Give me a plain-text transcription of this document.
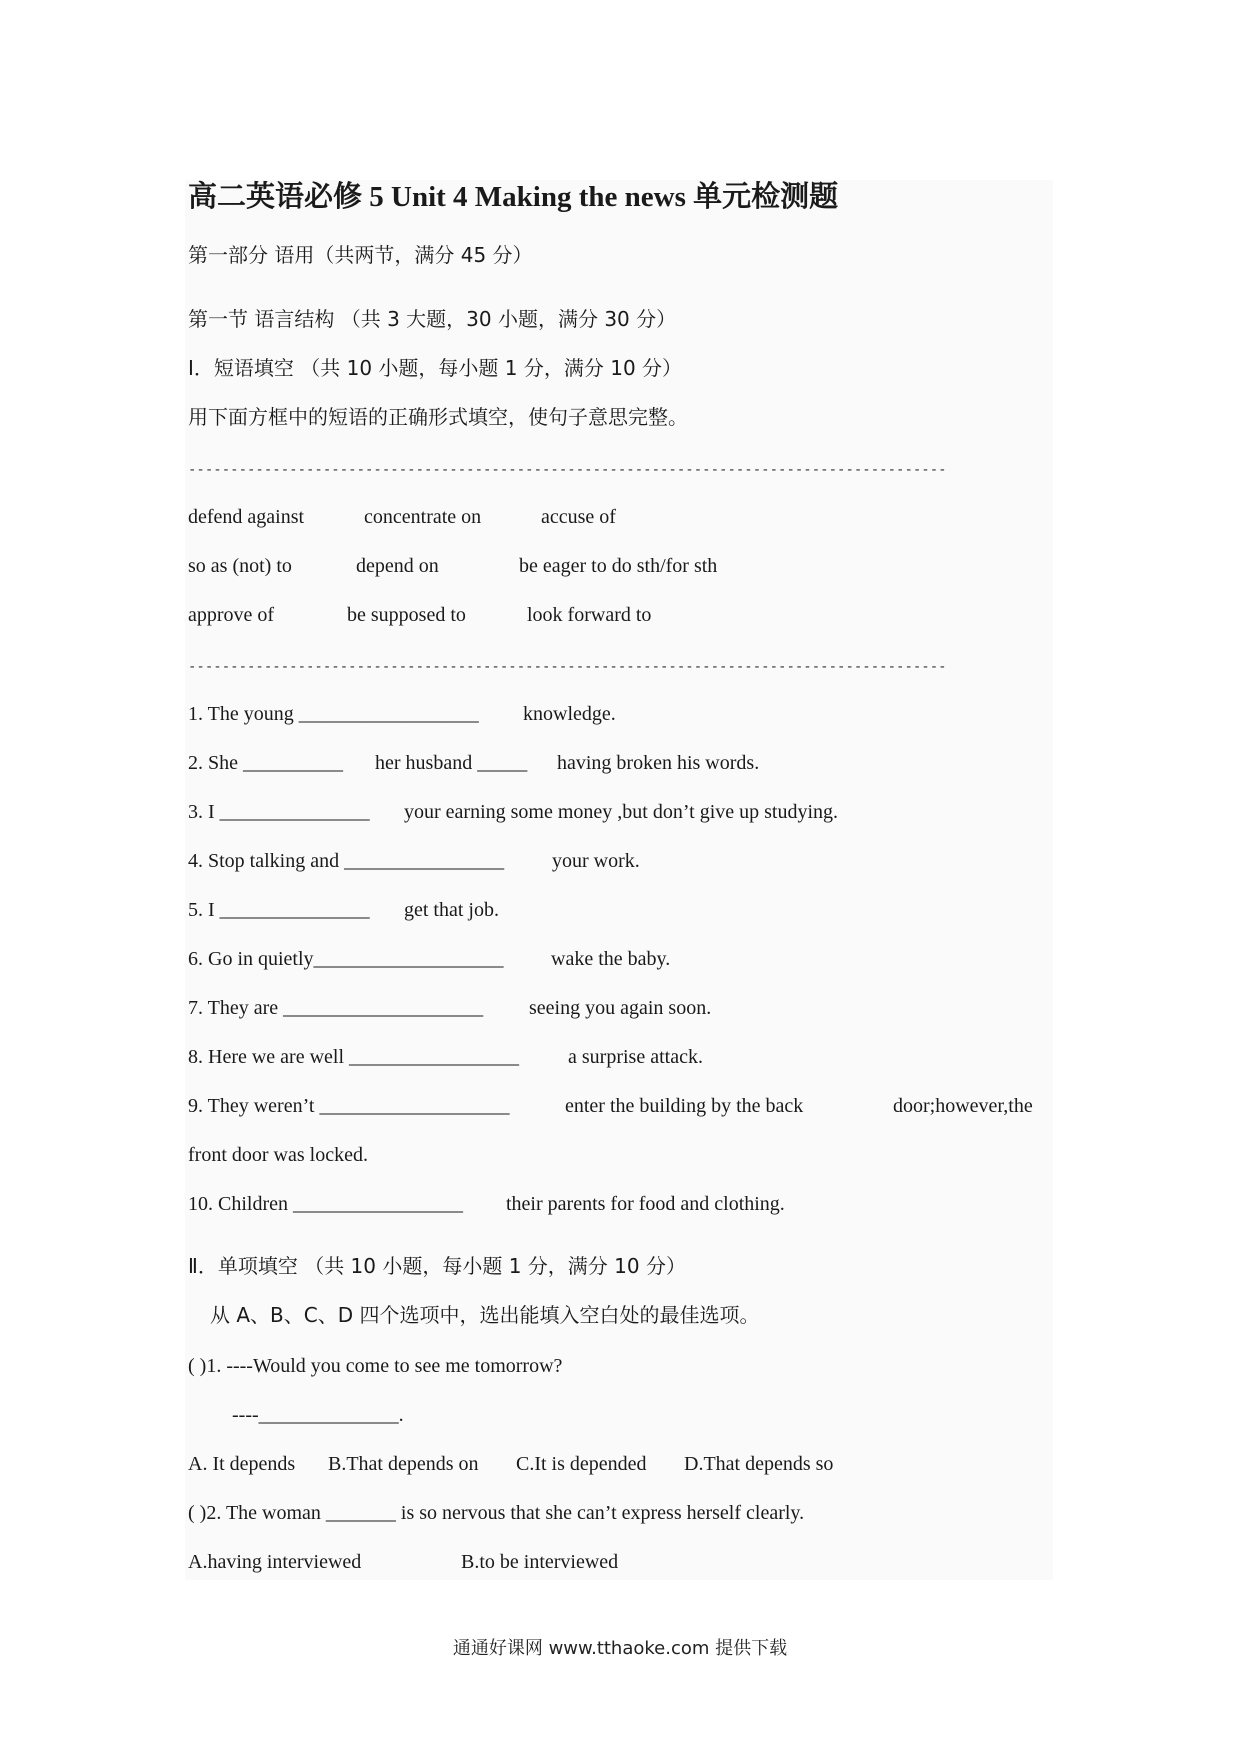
高二英语必修 5 Unit 4 Making the news 单元检测题
第一部分 语用（共两节，满分 45 分）
第一节 语言结构 （共 3 大题，30 小题，满分 30 分）
Ⅰ．短语填空 （共 10 小题，每小题 1 分，满分 10 分）
用下面方框中的短语的正确形式填空，使句子意思完整。
------------------------------------------------------------------------------------------
defend against	concentrate on	accuse of
so as (not) to	depend on	be eager to do sth/for sth
approve of	be supposed to	look forward to
------------------------------------------------------------------------------------------
1. The young __________________ knowledge.
2. She __________ her husband _____ having broken his words.
3. I _______________ your earning some money ,but don’t give up studying.
4. Stop talking and ________________ your work.
5. I _______________ get that job.
6. Go in quietly___________________ wake the baby.
7. They are ____________________ seeing you again soon.
8. Here we are well _________________ a surprise attack.
9. They weren’t ___________________	enter the building by the back	door;however,the
front door was locked.
10. Children _________________ their parents for food and clothing.
Ⅱ．单项填空 （共 10 小题，每小题 1 分，满分 10 分）
从 A、B、C、D 四个选项中，选出能填入空白处的最佳选项。
( )1. ----Would you come to see me tomorrow?
----______________.
A. It depends B.That depends on C.It is depended D.That depends so
( )2. The woman _______ is so nervous that she can’t express herself clearly.
A.having interviewed	B.to be interviewed
通通好课网 www.tthaoke.com 提供下载
